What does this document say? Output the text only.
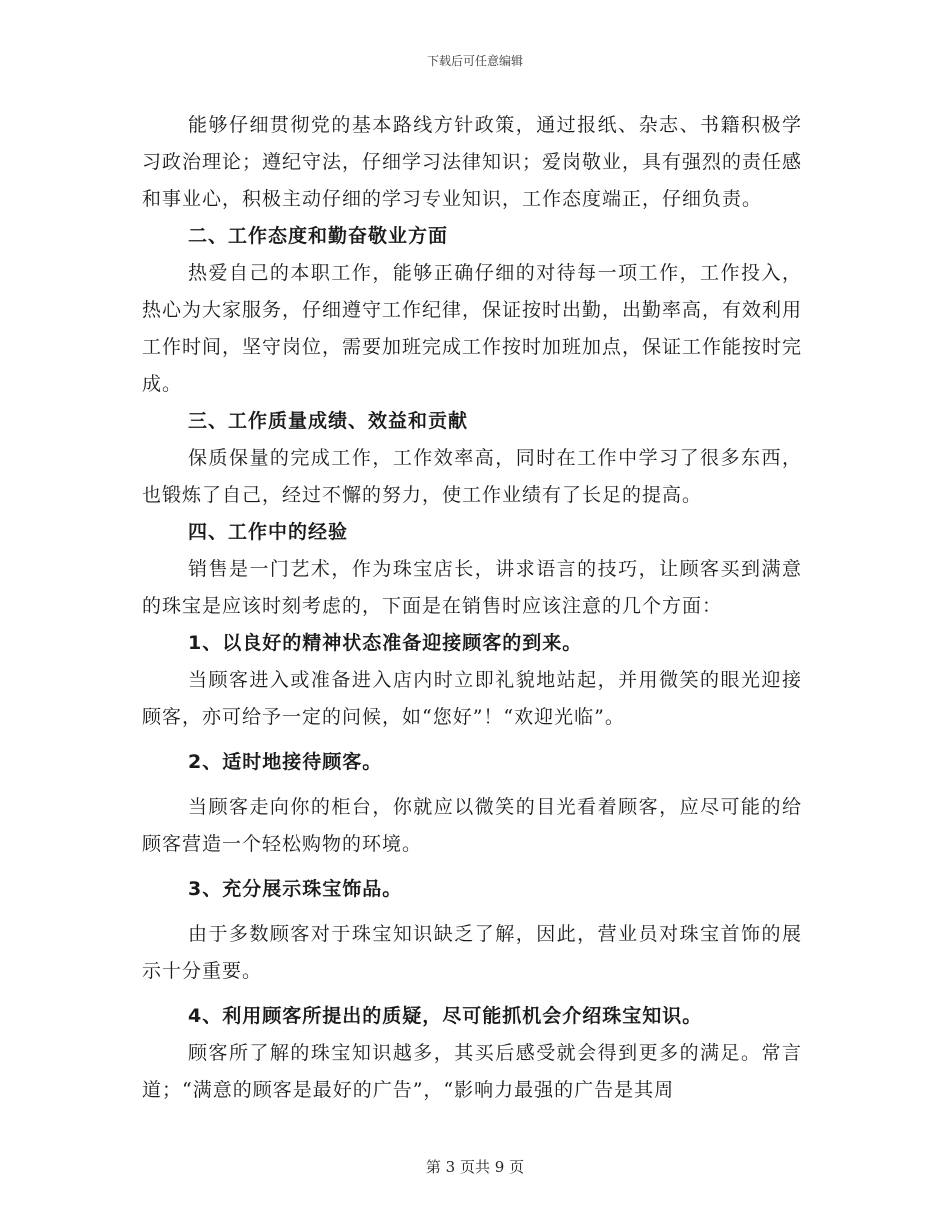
下载后可任意编辑

能够仔细贯彻党的基本路线方针政策，通过报纸、杂志、书籍积极学习政治理论；遵纪守法，仔细学习法律知识；爱岗敬业，具有强烈的责任感和事业心，积极主动仔细的学习专业知识，工作态度端正，仔细负责。

二、工作态度和勤奋敬业方面

热爱自己的本职工作，能够正确仔细的对待每一项工作，工作投入，热心为大家服务，仔细遵守工作纪律，保证按时出勤，出勤率高，有效利用工作时间，坚守岗位，需要加班完成工作按时加班加点，保证工作能按时完成。

三、工作质量成绩、效益和贡献

保质保量的完成工作，工作效率高，同时在工作中学习了很多东西，也锻炼了自己，经过不懈的努力，使工作业绩有了长足的提高。

四、工作中的经验

销售是一门艺术，作为珠宝店长，讲求语言的技巧，让顾客买到满意的珠宝是应该时刻考虑的，下面是在销售时应该注意的几个方面：

1、以良好的精神状态准备迎接顾客的到来。

当顾客进入或准备进入店内时立即礼貌地站起，并用微笑的眼光迎接顾客，亦可给予一定的问候，如“您好”！“欢迎光临”。

2、适时地接待顾客。

当顾客走向你的柜台，你就应以微笑的目光看着顾客，应尽可能的给顾客营造一个轻松购物的环境。

3、充分展示珠宝饰品。

由于多数顾客对于珠宝知识缺乏了解，因此，营业员对珠宝首饰的展示十分重要。

4、利用顾客所提出的质疑，尽可能抓机会介绍珠宝知识。

顾客所了解的珠宝知识越多，其买后感受就会得到更多的满足。常言道；“满意的顾客是最好的广告”，“影响力最强的广告是其周

第 3 页共 9 页
